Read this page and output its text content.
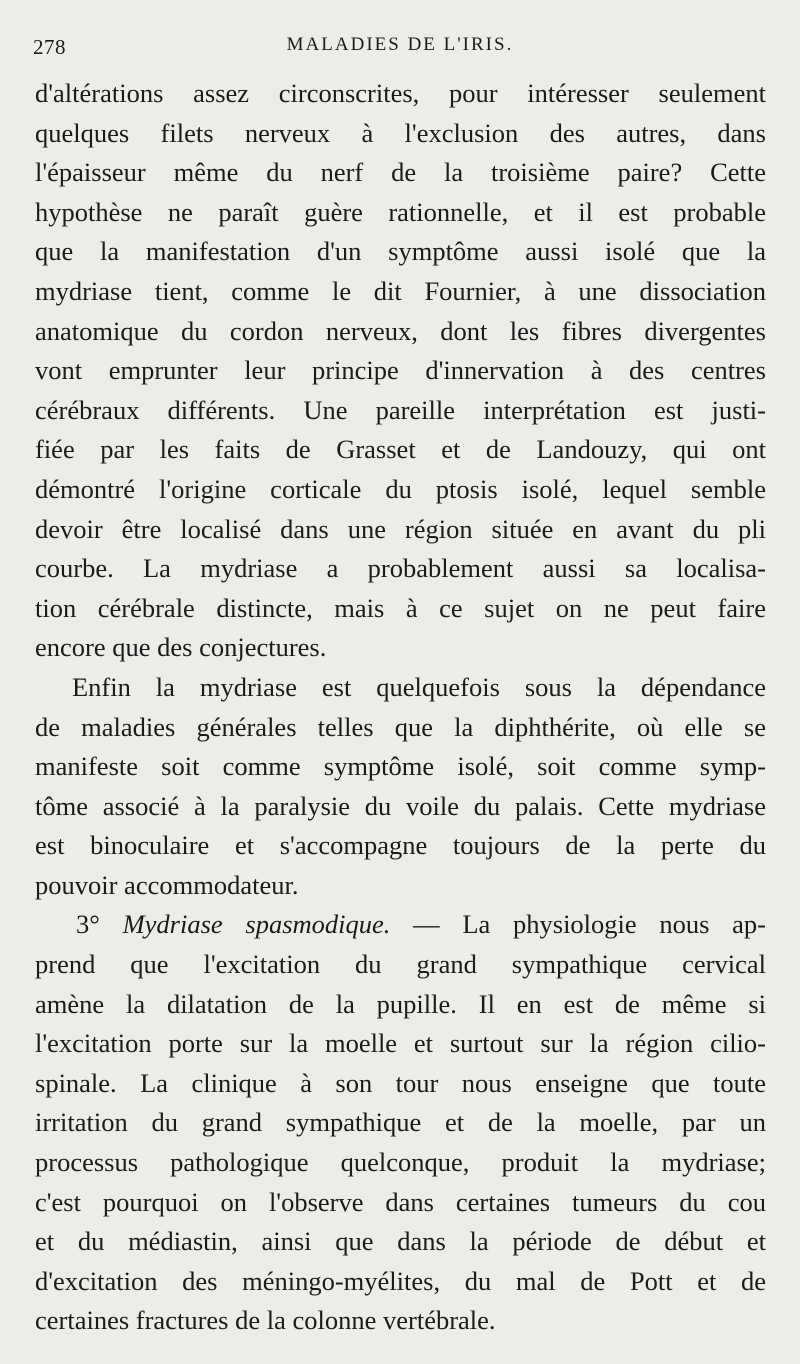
278	MALADIES DE L'IRIS.
d'altérations assez circonscrites, pour intéresser seulement
quelques filets nerveux à l'exclusion des autres, dans
l'épaisseur même du nerf de la troisième paire? Cette
hypothèse ne paraît guère rationnelle, et il est probable
que la manifestation d'un symptôme aussi isolé que la
mydriase tient, comme le dit Fournier, à une dissociation
anatomique du cordon nerveux, dont les fibres divergentes
vont emprunter leur principe d'innervation à des centres
cérébraux différents. Une pareille interprétation est justi-
fiée par les faits de Grasset et de Landouzy, qui ont
démontré l'origine corticale du ptosis isolé, lequel semble
devoir être localisé dans une région située en avant du pli
courbe. La mydriase a probablement aussi sa localisa-
tion cérébrale distincte, mais à ce sujet on ne peut faire
encore que des conjectures.
Enfin la mydriase est quelquefois sous la dépendance
de maladies générales telles que la diphthérite, où elle se
manifeste soit comme symptôme isolé, soit comme symp-
tôme associé à la paralysie du voile du palais. Cette mydriase
est binoculaire et s'accompagne toujours de la perte du
pouvoir accommodateur.
3° Mydriase spasmodique. — La physiologie nous ap-
prend que l'excitation du grand sympathique cervical
amène la dilatation de la pupille. Il en est de même si
l'excitation porte sur la moelle et surtout sur la région cilio-
spinale. La clinique à son tour nous enseigne que toute
irritation du grand sympathique et de la moelle, par un
processus pathologique quelconque, produit la mydriase;
c'est pourquoi on l'observe dans certaines tumeurs du cou
et du médiastin, ainsi que dans la période de début et
d'excitation des méningo-myélites, du mal de Pott et de
certaines fractures de la colonne vertébrale.
